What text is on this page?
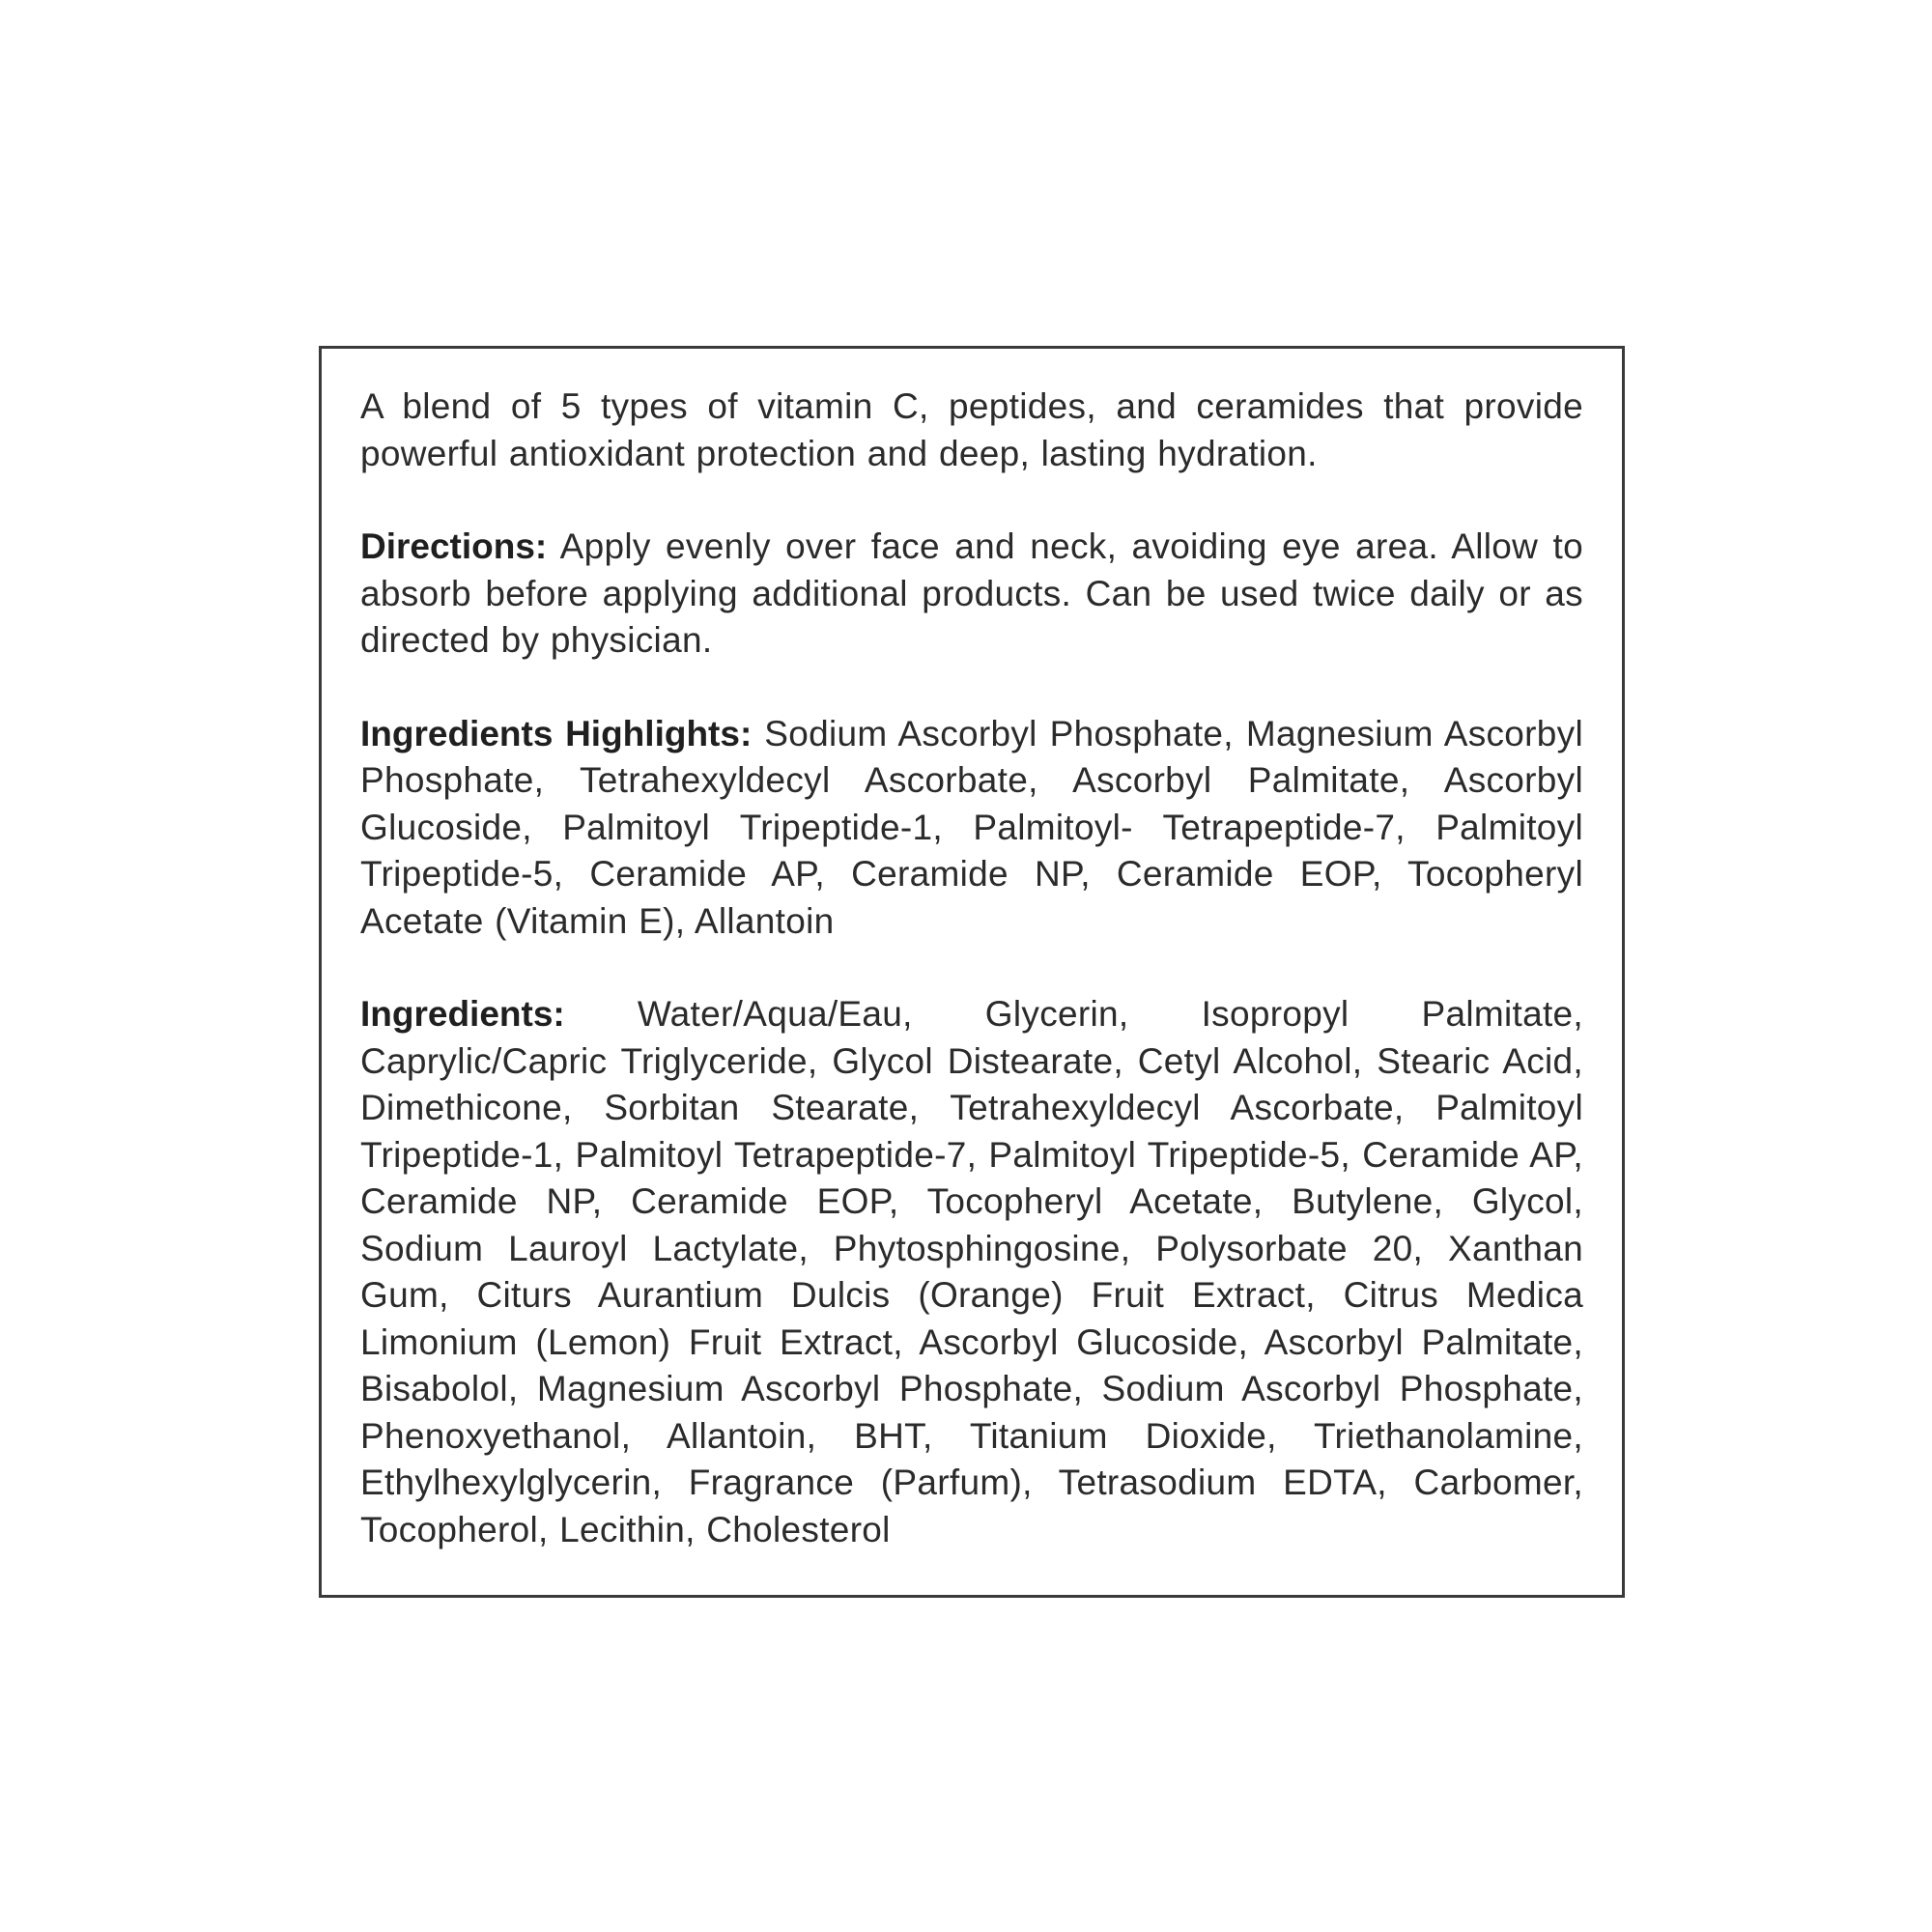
A blend of 5 types of vitamin C, peptides, and ceramides that provide powerful antioxidant protection and deep, lasting hydration.

Directions: Apply evenly over face and neck, avoiding eye area. Allow to absorb before applying additional products. Can be used twice daily or as directed by physician.

Ingredients Highlights: Sodium Ascorbyl Phosphate, Magnesium Ascorbyl Phosphate, Tetrahexyldecyl Ascorbate, Ascorbyl Palmitate, Ascorbyl Glucoside, Palmitoyl Tripeptide-1, Palmitoyl- Tetrapeptide-7, Palmitoyl Tripeptide-5, Ceramide AP, Ceramide NP, Ceramide EOP, Tocopheryl Acetate (Vitamin E), Allantoin

Ingredients: Water/Aqua/Eau, Glycerin, Isopropyl Palmitate, Caprylic/Capric Triglyceride, Glycol Distearate, Cetyl Alcohol, Stearic Acid, Dimethicone, Sorbitan Stearate, Tetrahexyldecyl Ascorbate, Palmitoyl Tripeptide-1, Palmitoyl Tetrapeptide-7, Palmitoyl Tripeptide-5, Ceramide AP, Ceramide NP, Ceramide EOP, Tocopheryl Acetate, Butylene, Glycol, Sodium Lauroyl Lactylate, Phytosphingosine, Polysorbate 20, Xanthan Gum, Citurs Aurantium Dulcis (Orange) Fruit Extract, Citrus Medica Limonium (Lemon) Fruit Extract, Ascorbyl Glucoside, Ascorbyl Palmitate, Bisabolol, Magnesium Ascorbyl Phosphate, Sodium Ascorbyl Phosphate, Phenoxyethanol, Allantoin, BHT, Titanium Dioxide, Triethanolamine, Ethylhexylglycerin, Fragrance (Parfum), Tetrasodium EDTA, Carbomer, Tocopherol, Lecithin, Cholesterol
